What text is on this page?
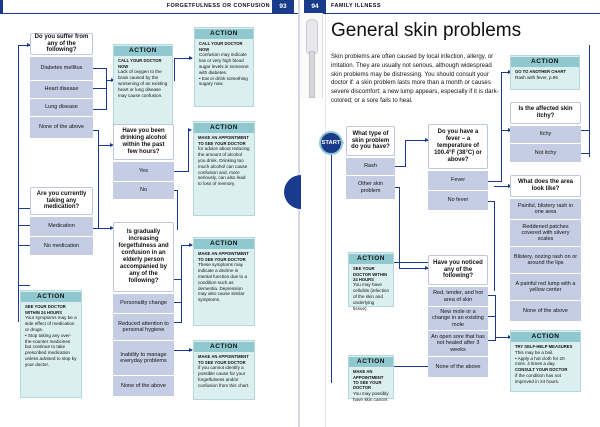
FORGETFULNESS OR CONFUSION	93	94	FAMILY ILLNESS
Do you suffer from any of the following?
Diabetes mellitus
Heart disease
Lung disease
None of the above
ACTION
CALL YOUR DOCTOR NOW
Lack of oxygen to the brain caused by the worsening of an existing heart or lung disease may cause confusion.
ACTION
CALL YOUR DOCTOR NOW
Confusion may indicate low or very high blood sugar levels in someone with diabetes.
• Eat or drink something sugary now.
Have you been drinking alcohol within the past few hours?
Yes
No
ACTION
MAKE AN APPOINTMENT TO SEE YOUR DOCTOR
for advice about reducing the amount of alcohol you drink. Drinking too much alcohol can cause confusion and, more seriously, can also lead to loss of memory.
Are you currently taking any medication?
Medication
No medication
Is gradually increasing forgetfulness and confusion in an elderly person accompanied by any of the following?
Personality change
Reduced attention to personal hygiene
Inability to manage everyday problems
None of the above
ACTION
MAKE AN APPOINTMENT TO SEE YOUR DOCTOR
These symptoms may indicate a decline in mental function due to a condition such as dementia. Depression may also cause similar symptoms.
ACTION
MAKE AN APPOINTMENT TO SEE YOUR DOCTOR
if you cannot identify a possible cause for your forgetfulness and/or confusion from this chart.
ACTION
SEE YOUR DOCTOR WITHIN 24 HOURS
Your symptoms may be a side effect of medication or drugs.
• Stop taking any over-the-counter medicines but continue to take prescribed medication unless advised to stop by your doctor.
General skin problems
Skin problems are often caused by local infection, allergy, or irritation. They are usually not serious, although widespread skin problems may be distressing. You should consult your doctor if: a skin problem lasts more than a month or causes severe discomfort; a new lump appears, especially if it is dark-colored; or a sore fails to heal.
START
What type of skin problem do you have?
Rash
Other skin problem
Do you have a fever – a temperature of 100.4°F (38°C) or above?
Fever
No fever
ACTION
GO TO ANOTHER CHART
Rash with fever, p.96
Is the affected skin itchy?
Itchy
Not itchy
What does the area look like?
Painful, blistery rash in one area
Reddened patches covered with silvery scales
Blistery, oozing rash on or around the lips
A painful red lump with a yellow center
None of the above
Have you noticed any of the following?
Red, tender, and hot area of skin
New mole or a change in an existing mole
An open sore that has not healed after 3 weeks
None of the above
ACTION
SEE YOUR DOCTOR WITHIN 24 HOURS
You may have cellulitis (infection of the skin and underlying tissue).
ACTION
MAKE AN APPOINTMENT TO SEE YOUR DOCTOR
You may possibly have skin cancer.
ACTION
TRY SELF-HELP MEASURES
This may be a boil.
• Apply a hot cloth for 20 mins. 4 times a day.

CONSULT YOUR DOCTOR
if the condition has not improved in 24 hours.
